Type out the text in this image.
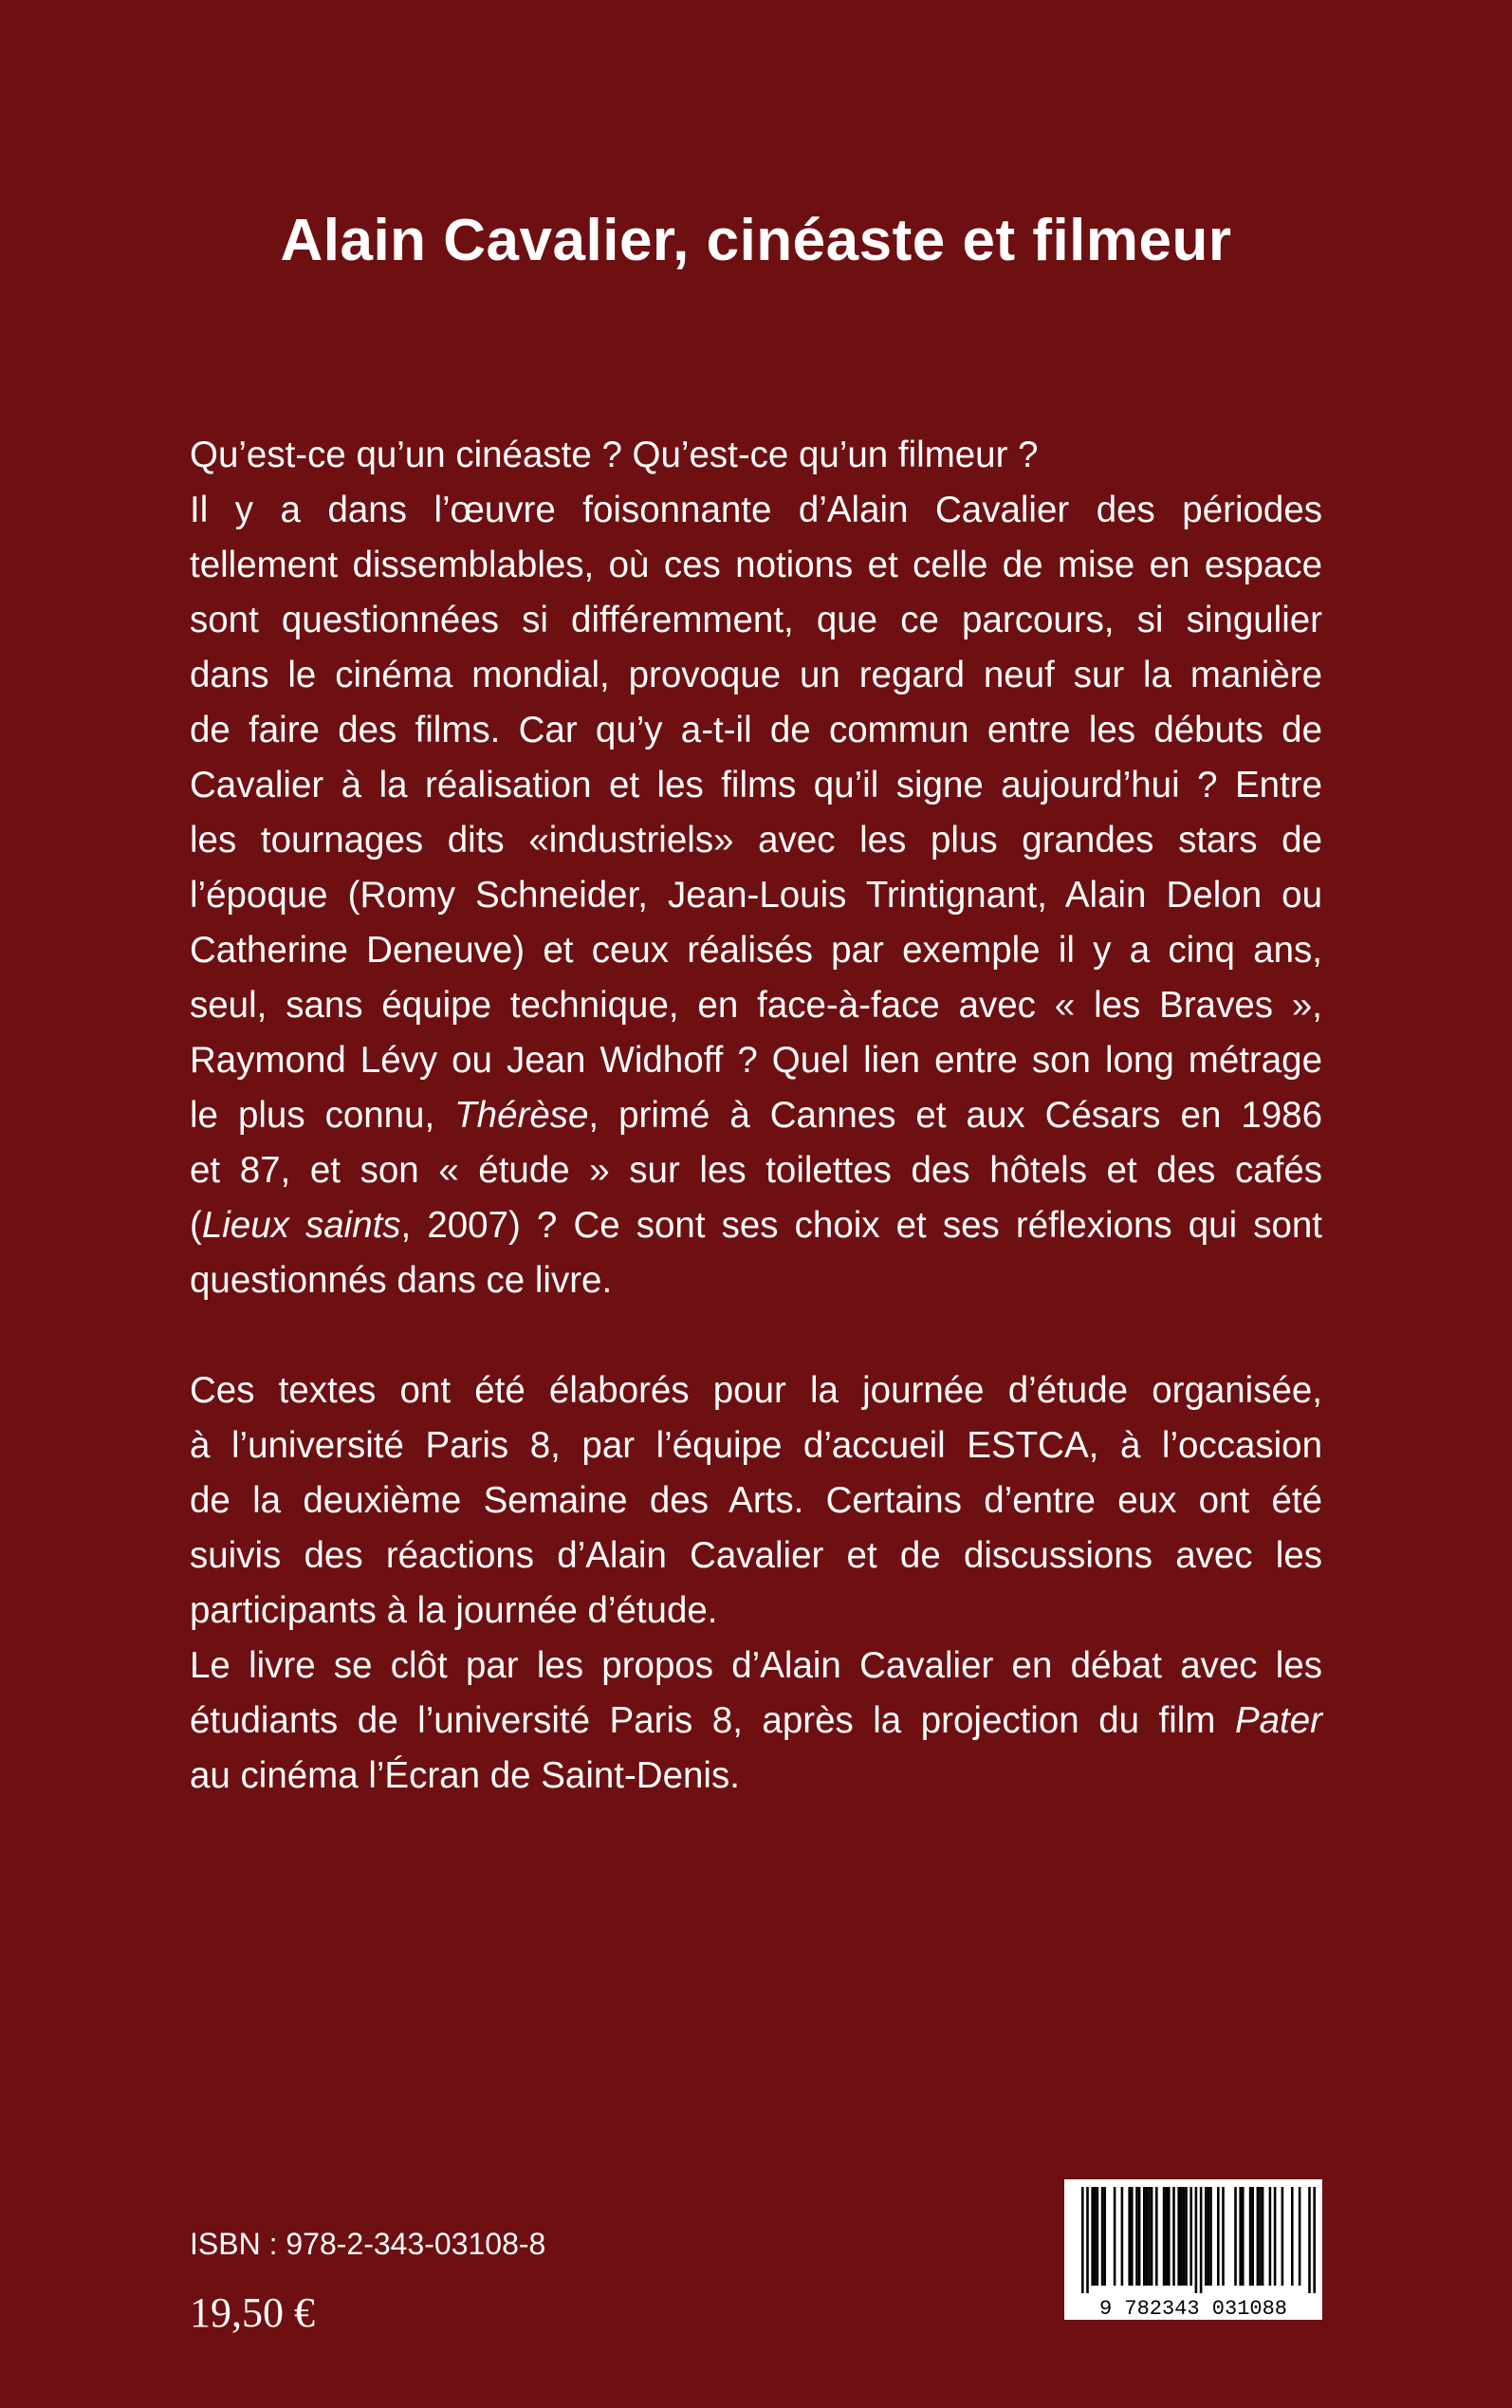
Alain Cavalier, cinéaste et filmeur
Qu’est-ce qu’un cinéaste ? Qu’est-ce qu’un filmeur ?
Il y a dans l’œuvre foisonnante d’Alain Cavalier des périodes
tellement dissemblables, où ces notions et celle de mise en espace
sont questionnées si différemment, que ce parcours, si singulier
dans le cinéma mondial, provoque un regard neuf sur la manière
de faire des films. Car qu’y a-t-il de commun entre les débuts de
Cavalier à la réalisation et les films qu’il signe aujourd’hui ? Entre
les tournages dits «industriels» avec les plus grandes stars de
l’époque (Romy Schneider, Jean-Louis Trintignant, Alain Delon ou
Catherine Deneuve) et ceux réalisés par exemple il y a cinq ans,
seul, sans équipe technique, en face-à-face avec « les Braves »,
Raymond Lévy ou Jean Widhoff ? Quel lien entre son long métrage
le plus connu, Thérèse, primé à Cannes et aux Césars en 1986
et 87, et son « étude » sur les toilettes des hôtels et des cafés
(Lieux saints, 2007) ? Ce sont ses choix et ses réflexions qui sont
questionnés dans ce livre.
Ces textes ont été élaborés pour la journée d’étude organisée,
à l’université Paris 8, par l’équipe d’accueil ESTCA, à l’occasion
de la deuxième Semaine des Arts. Certains d’entre eux ont été
suivis des réactions d’Alain Cavalier et de discussions avec les
participants à la journée d’étude.
Le livre se clôt par les propos d’Alain Cavalier en débat avec les
étudiants de l’université Paris 8, après la projection du film Pater
au cinéma l’Écran de Saint-Denis.

ISBN : 978-2-343-03108-8

19,50 €	9 782343 031088
